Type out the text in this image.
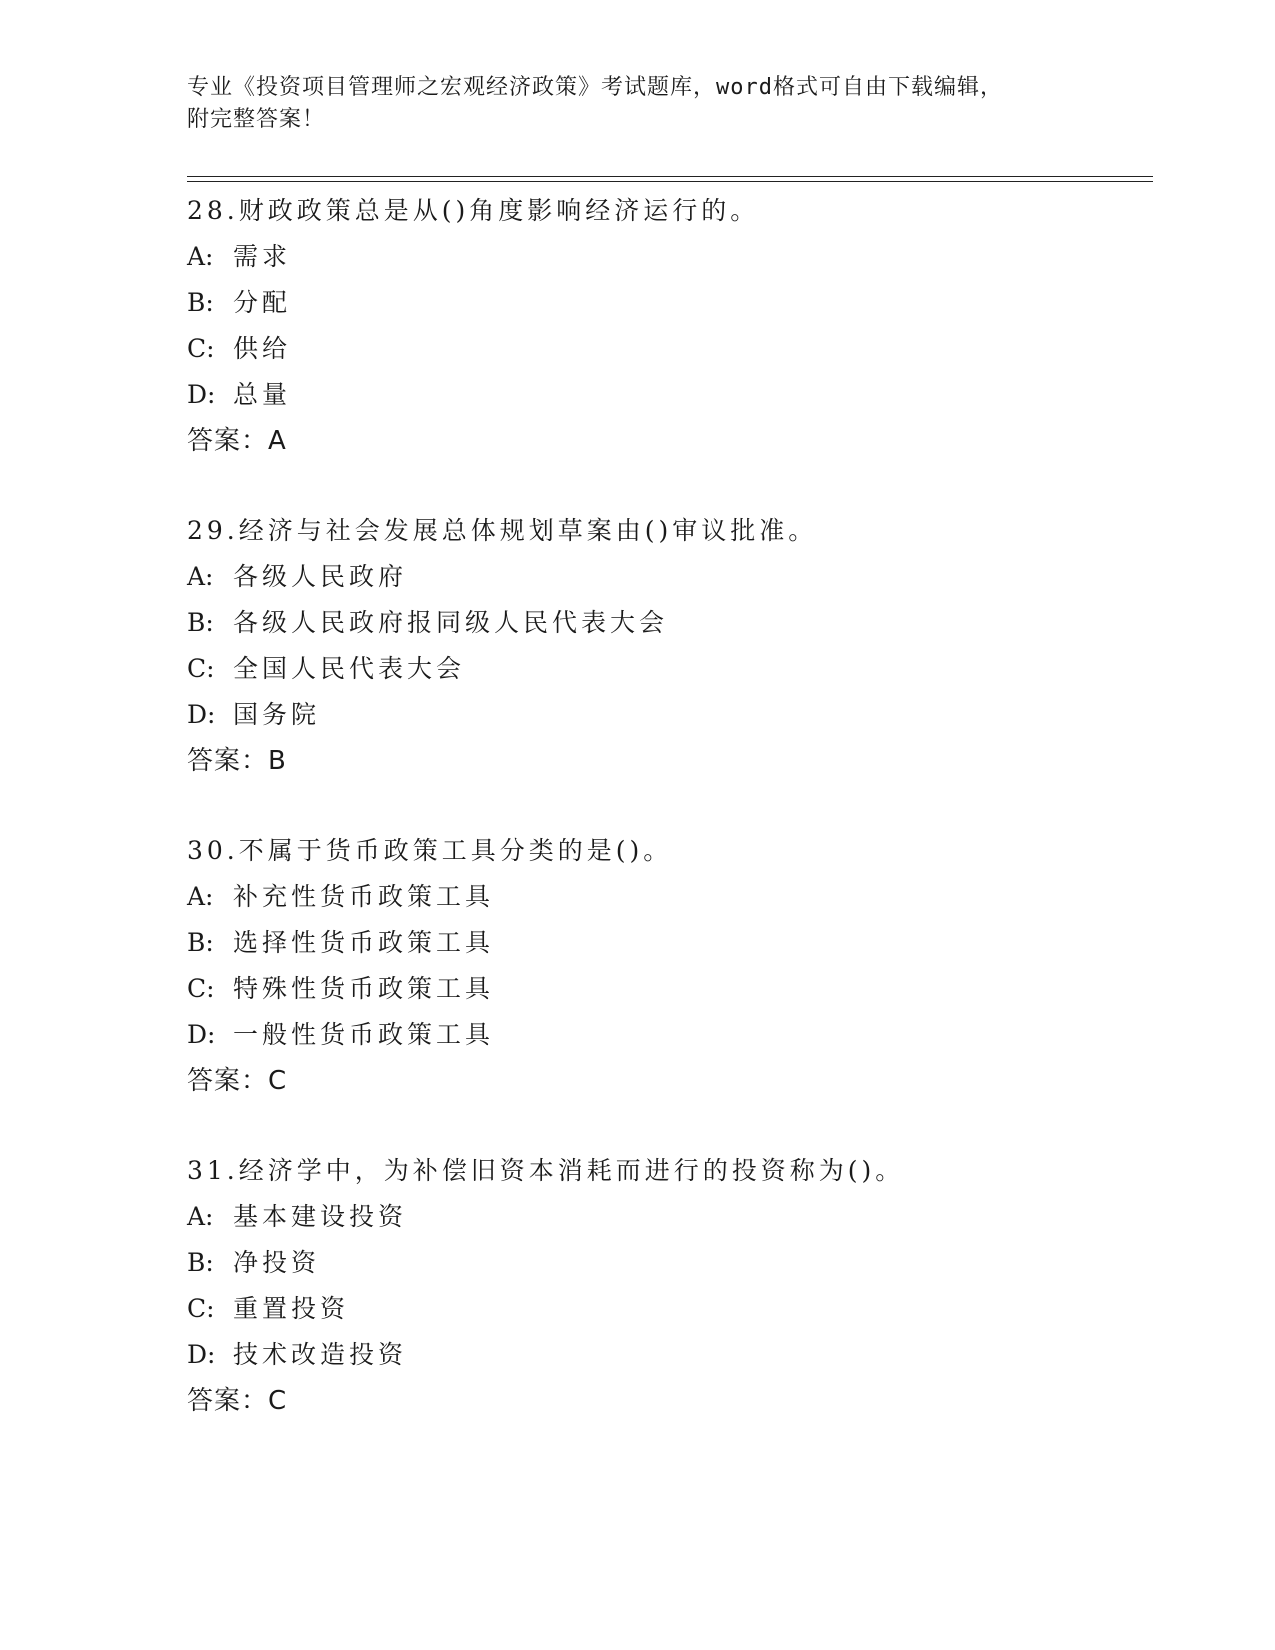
专业《投资项目管理师之宏观经济政策》考试题库，word格式可自由下载编辑，

附完整答案！

28.财政政策总是从()角度影响经济运行的。
A: 需求
B: 分配
C: 供给
D: 总量
答案：A
29.经济与社会发展总体规划草案由()审议批准。
A: 各级人民政府
B: 各级人民政府报同级人民代表大会
C: 全国人民代表大会
D: 国务院
答案：B
30.不属于货币政策工具分类的是()。
A: 补充性货币政策工具
B: 选择性货币政策工具
C: 特殊性货币政策工具
D: 一般性货币政策工具
答案：C
31.经济学中，为补偿旧资本消耗而进行的投资称为()。
A: 基本建设投资
B: 净投资
C: 重置投资
D: 技术改造投资
答案：C
